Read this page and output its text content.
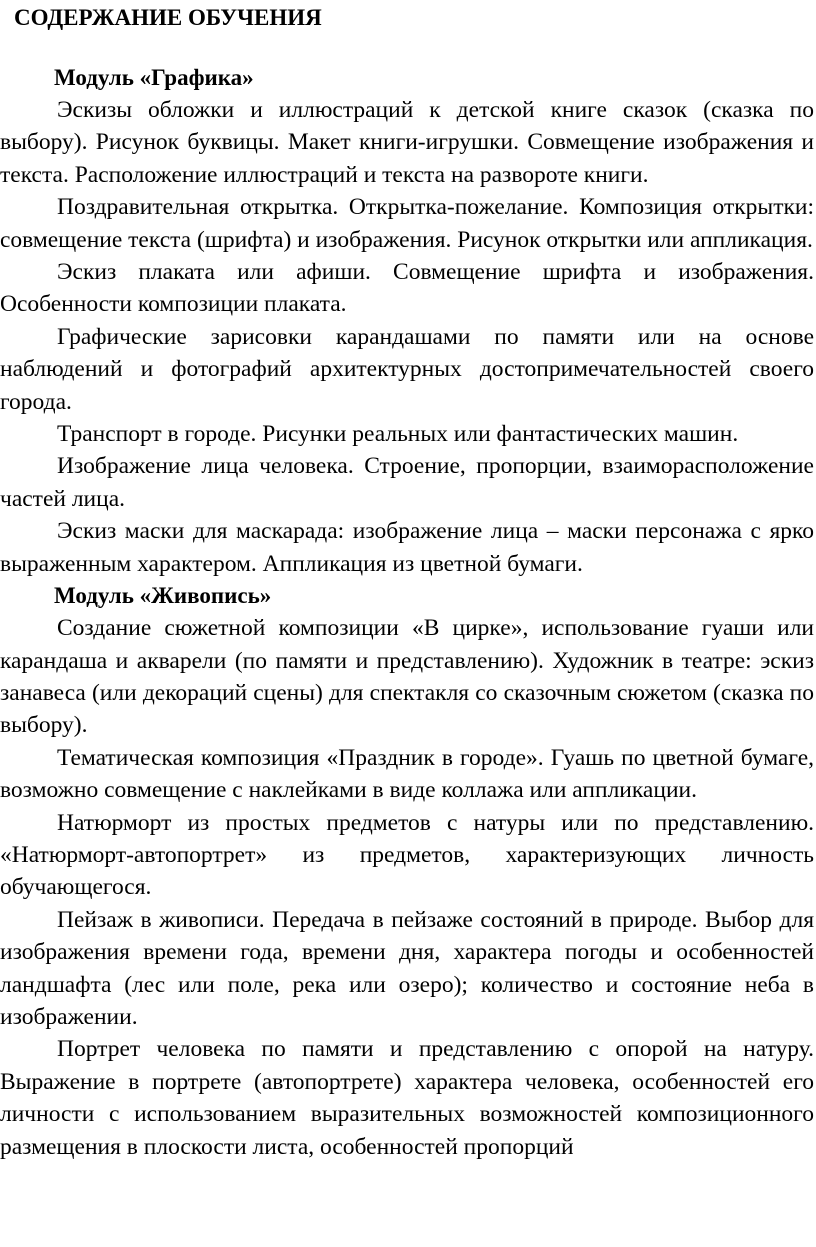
СОДЕРЖАНИЕ ОБУЧЕНИЯ
Модуль «Графика»

Эскизы обложки и иллюстраций к детской книге сказок (сказка по выбору). Рисунок буквицы. Макет книги-игрушки. Совмещение изображения и текста. Расположение иллюстраций и текста на развороте книги.

Поздравительная открытка. Открытка-пожелание. Композиция открытки: совмещение текста (шрифта) и изображения. Рисунок открытки или аппликация.

Эскиз плаката или афиши. Совмещение шрифта и изображения. Особенности композиции плаката.

Графические зарисовки карандашами по памяти или на основе наблюдений и фотографий архитектурных достопримечательностей своего города.

Транспорт в городе. Рисунки реальных или фантастических машин.

Изображение лица человека. Строение, пропорции, взаиморасположение частей лица.

Эскиз маски для маскарада: изображение лица – маски персонажа с ярко выраженным характером. Аппликация из цветной бумаги.

Модуль «Живопись»

Создание сюжетной композиции «В цирке», использование гуаши или карандаша и акварели (по памяти и представлению). Художник в театре: эскиз занавеса (или декораций сцены) для спектакля со сказочным сюжетом (сказка по выбору).

Тематическая композиция «Праздник в городе». Гуашь по цветной бумаге, возможно совмещение с наклейками в виде коллажа или аппликации.

Натюрморт из простых предметов с натуры или по представлению. «Натюрморт-автопортрет» из предметов, характеризующих личность обучающегося.

Пейзаж в живописи. Передача в пейзаже состояний в природе. Выбор для изображения времени года, времени дня, характера погоды и особенностей ландшафта (лес или поле, река или озеро); количество и состояние неба в изображении.

Портрет человека по памяти и представлению с опорой на натуру. Выражение в портрете (автопортрете) характера человека, особенностей его личности с использованием выразительных возможностей композиционного размещения в плоскости листа, особенностей пропорций
